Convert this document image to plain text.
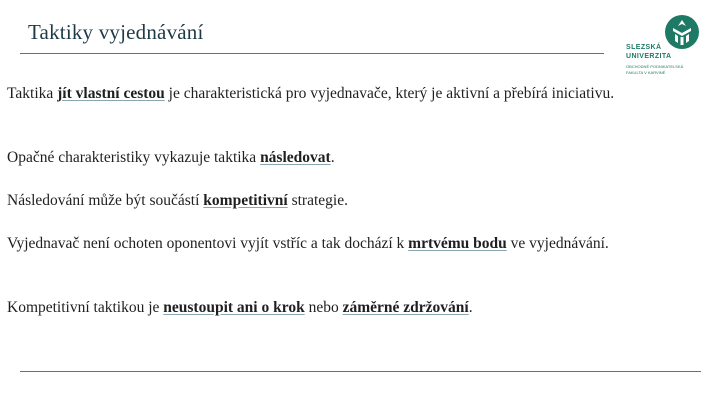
Taktiky vyjednávání
SLEZSKÁ
UNIVERZITA
OBCHODNĚ PODNIKATELSKÁ
FAKULTA V KARVINÉ

Taktika jít vlastní cestou je charakteristická pro vyjednavače, který je aktivní a přebírá iniciativu.

Opačné charakteristiky vykazuje taktika následovat.

Následování může být součástí kompetitivní strategie.

Vyjednavač není ochoten oponentovi vyjít vstříc a tak dochází k mrtvému bodu ve vyjednávání.

Kompetitivní taktikou je neustoupit ani o krok nebo záměrné zdržování.
